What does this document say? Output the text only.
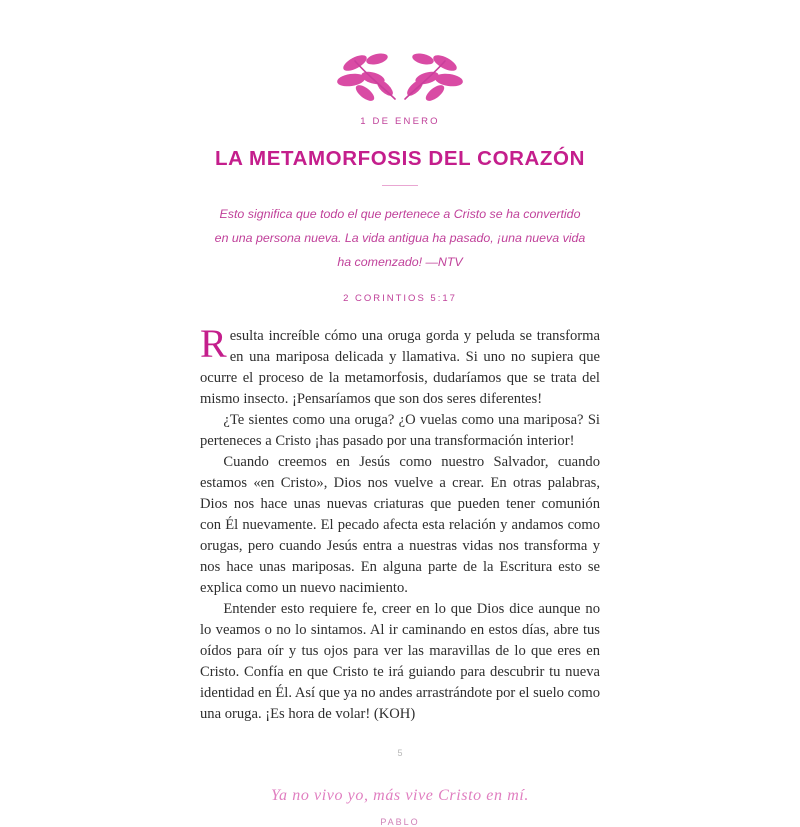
1 DE ENERO
LA METAMORFOSIS DEL CORAZÓN
Esto significa que todo el que pertenece a Cristo se ha convertido en una persona nueva. La vida antigua ha pasado, ¡una nueva vida ha comenzado! —NTV
2 CORINTIOS 5:17

Resulta increíble cómo una oruga gorda y peluda se transforma en una mariposa delicada y llamativa. Si uno no supiera que ocurre el proceso de la metamorfosis, dudaríamos que se trata del mismo insecto. ¡Pensaríamos que son dos seres diferentes!

¿Te sientes como una oruga? ¿O vuelas como una mariposa? Si perteneces a Cristo ¡has pasado por una transformación interior!

Cuando creemos en Jesús como nuestro Salvador, cuando estamos «en Cristo», Dios nos vuelve a crear. En otras palabras, Dios nos hace unas nuevas criaturas que pueden tener comunión con Él nuevamente. El pecado afecta esta relación y andamos como orugas, pero cuando Jesús entra a nuestras vidas nos transforma y nos hace unas mariposas. En alguna parte de la Escritura esto se explica como un nuevo nacimiento.

Entender esto requiere fe, creer en lo que Dios dice aunque no lo veamos o no lo sintamos. Al ir caminando en estos días, abre tus oídos para oír y tus ojos para ver las maravillas de lo que eres en Cristo. Confía en que Cristo te irá guiando para descubrir tu nueva identidad en Él. Así que ya no andes arrastrándote por el suelo como una oruga. ¡Es hora de volar! (KOH)

Ya no vivo yo, más vive Cristo en mí.
PABLO
5
